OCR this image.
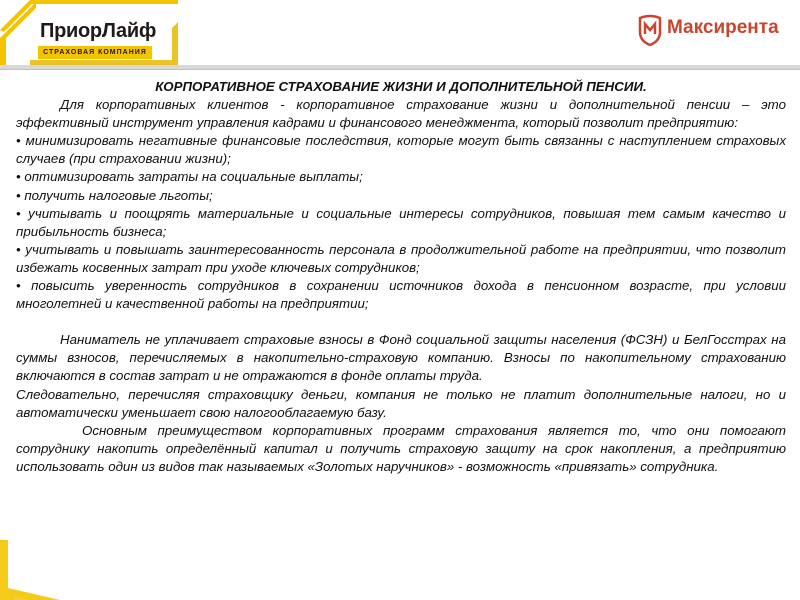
ПриорЛайф
СТРАХОВАЯ КОМПАНИЯ
Максирента

КОРПОРАТИВНОЕ СТРАХОВАНИЕ ЖИЗНИ И ДОПОЛНИТЕЛЬНОЙ ПЕНСИИ.

Для корпоративных клиентов - корпоративное страхование жизни и дополнительной пенсии – это эффективный инструмент управления кадрами и финансового менеджмента, который позволит предприятию:

• минимизировать негативные финансовые последствия, которые могут быть связанны с наступлением страховых случаев (при страховании жизни);

• оптимизировать затраты на социальные выплаты;

• получить налоговые льготы;

• учитывать и поощрять материальные и социальные интересы сотрудников, повышая тем самым качество и прибыльность бизнеса;

• учитывать и повышать заинтересованность персонала в продолжительной работе на предприятии, что позволит избежать косвенных затрат при уходе ключевых сотрудников;

• повысить уверенность сотрудников в сохранении источников дохода в пенсионном возрасте, при условии многолетней и качественной работы на предприятии;

Наниматель не уплачивает страховые взносы в Фонд социальной защиты населения (ФСЗН) и БелГосстрах на суммы взносов, перечисляемых в накопительно-страховую компанию. Взносы по накопительному страхованию включаются в состав затрат и не отражаются в фонде оплаты труда.

Следовательно, перечисляя страховщику деньги, компания не только не платит дополнительные налоги, но и автоматически уменьшает свою налогооблагаемую базу.

Основным преимуществом корпоративных программ страхования является то, что они помогают сотруднику накопить определённый капитал и получить страховую защиту на срок накопления, а предприятию использовать один из видов так называемых «Золотых наручников» - возможность «привязать» сотрудника.
